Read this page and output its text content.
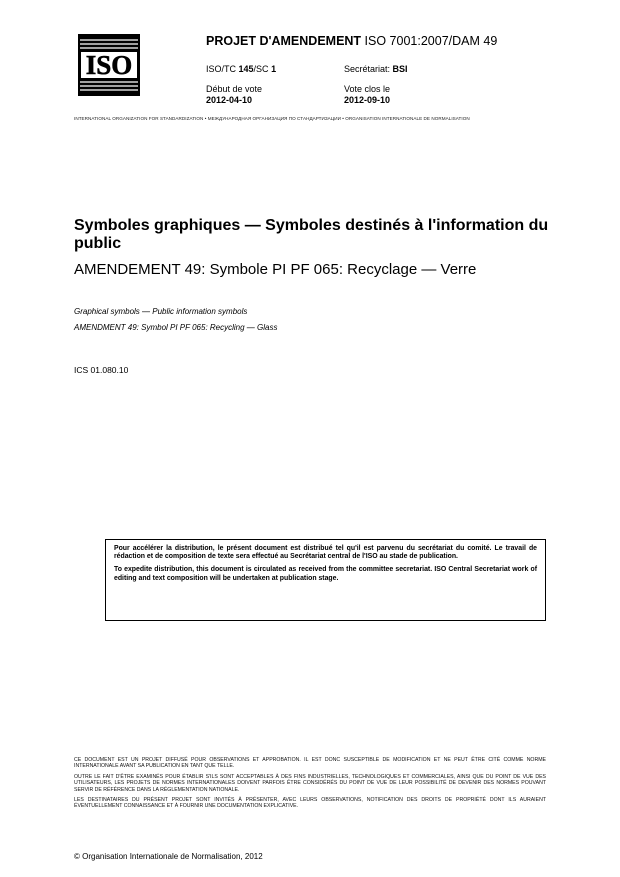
ISO
PROJET D'AMENDEMENT ISO 7001:2007/DAM 49
ISO/TC 145/SC 1	Secrétariat: BSI
Début de vote
2012-04-10
Vote clos le
2012-09-10
INTERNATIONAL ORGANIZATION FOR STANDARDIZATION • МЕЖДУНАРОДНАЯ ОРГАНИЗАЦИЯ ПО СТАНДАРТИЗАЦИИ • ORGANISATION INTERNATIONALE DE NORMALISATION
Symboles graphiques — Symboles destinés à l'information du public
AMENDEMENT 49: Symbole PI PF 065: Recyclage — Verre
Graphical symbols — Public information symbols
AMENDMENT 49: Symbol PI PF 065: Recycling — Glass
ICS 01.080.10

Pour accélérer la distribution, le présent document est distribué tel qu'il est parvenu du secrétariat du comité. Le travail de rédaction et de composition de texte sera effectué au Secrétariat central de l'ISO au stade de publication.

To expedite distribution, this document is circulated as received from the committee secretariat. ISO Central Secretariat work of editing and text composition will be undertaken at publication stage.

CE DOCUMENT EST UN PROJET DIFFUSÉ POUR OBSERVATIONS ET APPROBATION. IL EST DONC SUSCEPTIBLE DE MODIFICATION ET NE PEUT ÊTRE CITÉ COMME NORME INTERNATIONALE AVANT SA PUBLICATION EN TANT QUE TELLE.

OUTRE LE FAIT D'ÊTRE EXAMINÉS POUR ÉTABLIR S'ILS SONT ACCEPTABLES À DES FINS INDUSTRIELLES, TECHNOLOGIQUES ET COMMERCIALES, AINSI QUE DU POINT DE VUE DES UTILISATEURS, LES PROJETS DE NORMES INTERNATIONALES DOIVENT PARFOIS ÊTRE CONSIDÉRÉS DU POINT DE VUE DE LEUR POSSIBILITÉ DE DEVENIR DES NORMES POUVANT SERVIR DE RÉFÉRENCE DANS LA RÉGLEMENTATION NATIONALE.

LES DESTINATAIRES DU PRÉSENT PROJET SONT INVITÉS À PRÉSENTER, AVEC LEURS OBSERVATIONS, NOTIFICATION DES DROITS DE PROPRIÉTÉ DONT ILS AURAIENT ÉVENTUELLEMENT CONNAISSANCE ET À FOURNIR UNE DOCUMENTATION EXPLICATIVE.

© Organisation Internationale de Normalisation, 2012
